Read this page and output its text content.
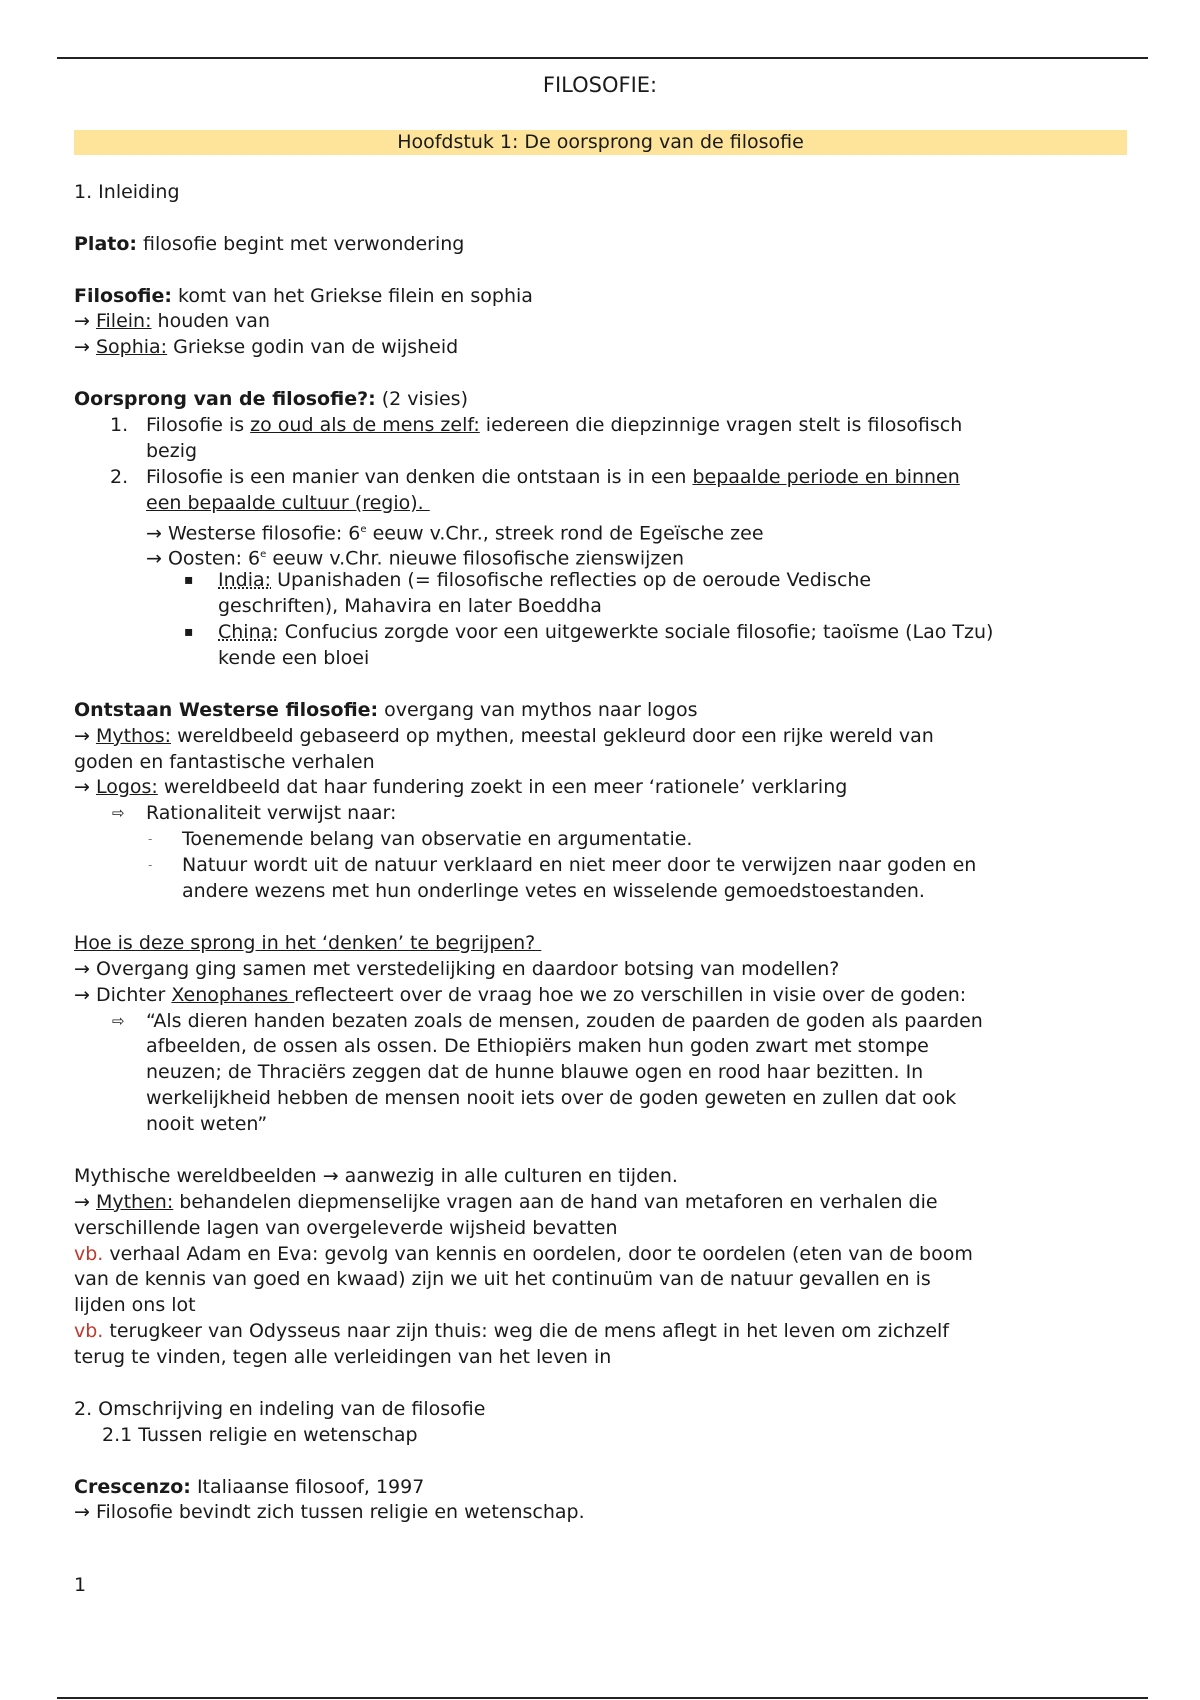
FILOSOFIE:
Hoofdstuk 1: De oorsprong van de filosofie
1. Inleiding
Plato: filosofie begint met verwondering
Filosofie: komt van het Griekse filein en sophia
→ Filein: houden van
→ Sophia: Griekse godin van de wijsheid
Oorsprong van de filosofie?: (2 visies)
1. Filosofie is zo oud als de mens zelf: iedereen die diepzinnige vragen stelt is filosofisch
bezig
2. Filosofie is een manier van denken die ontstaan is in een bepaalde periode en binnen
een bepaalde cultuur (regio).
→ Westerse filosofie: 6e eeuw v.Chr., streek rond de Egeïsche zee
→ Oosten: 6e eeuw v.Chr. nieuwe filosofische zienswijzen
▪ India: Upanishaden (= filosofische reflecties op de oeroude Vedische
geschriften), Mahavira en later Boeddha
▪ China: Confucius zorgde voor een uitgewerkte sociale filosofie; taoïsme (Lao Tzu)
kende een bloei
Ontstaan Westerse filosofie: overgang van mythos naar logos
→ Mythos: wereldbeeld gebaseerd op mythen, meestal gekleurd door een rijke wereld van
goden en fantastische verhalen
→ Logos: wereldbeeld dat haar fundering zoekt in een meer ‘rationele’ verklaring
⇨ Rationaliteit verwijst naar:
- Toenemende belang van observatie en argumentatie.
- Natuur wordt uit de natuur verklaard en niet meer door te verwijzen naar goden en
andere wezens met hun onderlinge vetes en wisselende gemoedstoestanden.
Hoe is deze sprong in het ‘denken’ te begrijpen?
→ Overgang ging samen met verstedelijking en daardoor botsing van modellen?
→ Dichter Xenophanes reflecteert over de vraag hoe we zo verschillen in visie over de goden:
⇨ “Als dieren handen bezaten zoals de mensen, zouden de paarden de goden als paarden
afbeelden, de ossen als ossen. De Ethiopiërs maken hun goden zwart met stompe
neuzen; de Thraciërs zeggen dat de hunne blauwe ogen en rood haar bezitten. In
werkelijkheid hebben de mensen nooit iets over de goden geweten en zullen dat ook
nooit weten”
Mythische wereldbeelden → aanwezig in alle culturen en tijden.
→ Mythen: behandelen diepmenselijke vragen aan de hand van metaforen en verhalen die
verschillende lagen van overgeleverde wijsheid bevatten
vb. verhaal Adam en Eva: gevolg van kennis en oordelen, door te oordelen (eten van de boom
van de kennis van goed en kwaad) zijn we uit het continuüm van de natuur gevallen en is
lijden ons lot
vb. terugkeer van Odysseus naar zijn thuis: weg die de mens aflegt in het leven om zichzelf
terug te vinden, tegen alle verleidingen van het leven in
2. Omschrijving en indeling van de filosofie
2.1 Tussen religie en wetenschap
Crescenzo: Italiaanse filosoof, 1997
→ Filosofie bevindt zich tussen religie en wetenschap.
1
